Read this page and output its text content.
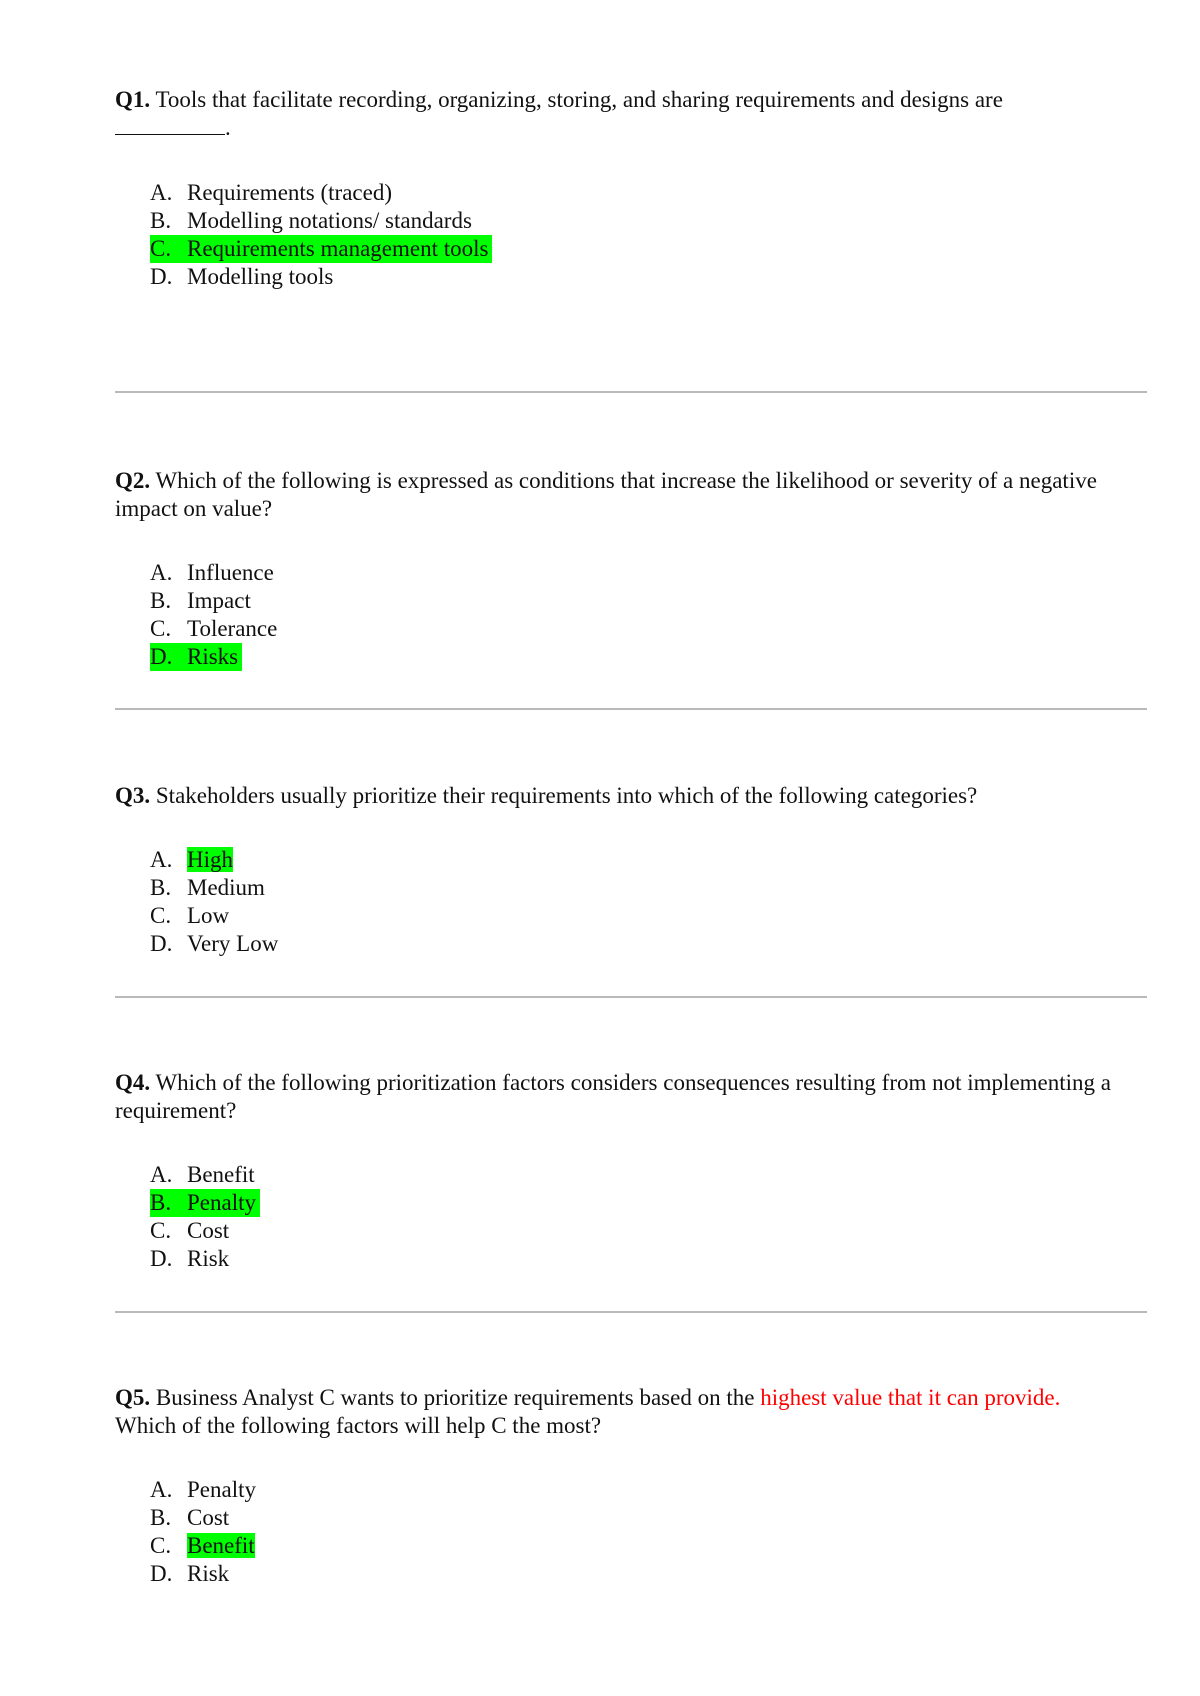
Q1. Tools that facilitate recording, organizing, storing, and sharing requirements and designs are
.

A. Requirements (traced)
B. Modelling notations/ standards
C. Requirements management tools
D. Modelling tools

Q2. Which of the following is expressed as conditions that increase the likelihood or severity of a negative impact on value?

A. Influence
B. Impact
C. Tolerance
D. Risks

Q3. Stakeholders usually prioritize their requirements into which of the following categories?

A. High
B. Medium
C. Low
D. Very Low

Q4. Which of the following prioritization factors considers consequences resulting from not implementing a requirement?

A. Benefit
B. Penalty
C. Cost
D. Risk

Q5. Business Analyst C wants to prioritize requirements based on the highest value that it can provide.
Which of the following factors will help C the most?

A. Penalty
B. Cost
C. Benefit
D. Risk
